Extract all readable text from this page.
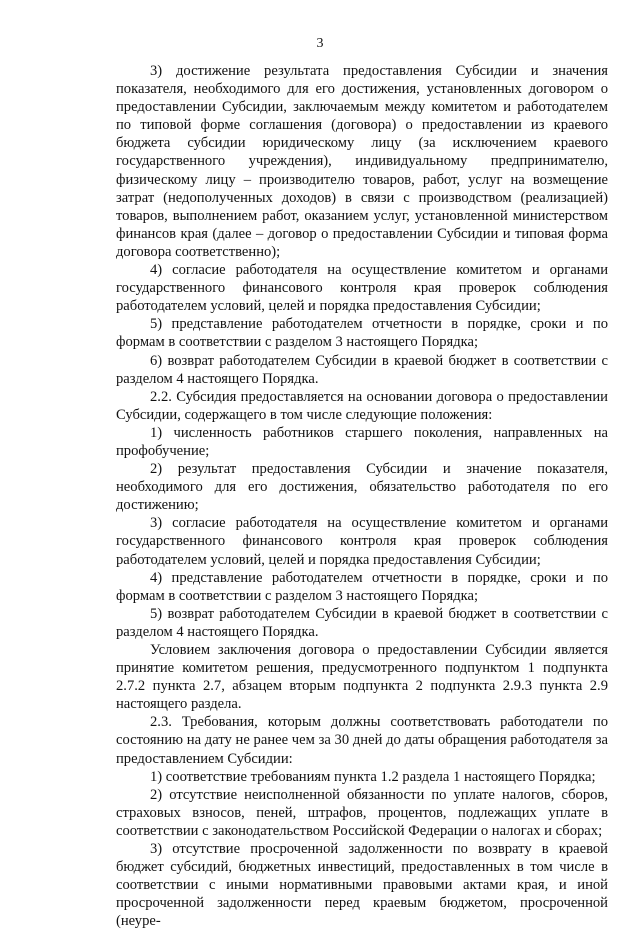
3

3) достижение результата предоставления Субсидии и значения показателя, необходимого для его достижения, установленных договором о предоставлении Субсидии, заключаемым между комитетом и работодателем по типовой форме соглашения (договора) о предоставлении из краевого бюджета субсидии юридическому лицу (за исключением краевого государственного учреждения), индивидуальному предпринимателю, физическому лицу – производителю товаров, работ, услуг на возмещение затрат (недополученных доходов) в связи с производством (реализацией) товаров, выполнением работ, оказанием услуг, установленной министерством финансов края (далее – договор о предоставлении Субсидии и типовая форма договора соответственно);

4) согласие работодателя на осуществление комитетом и органами государственного финансового контроля края проверок соблюдения работодателем условий, целей и порядка предоставления Субсидии;

5) представление работодателем отчетности в порядке, сроки и по формам в соответствии с разделом 3 настоящего Порядка;

6) возврат работодателем Субсидии в краевой бюджет в соответствии с разделом 4 настоящего Порядка.

2.2. Субсидия предоставляется на основании договора о предоставлении Субсидии, содержащего в том числе следующие положения:

1) численность работников старшего поколения, направленных на профобучение;

2) результат предоставления Субсидии и значение показателя, необходимого для его достижения, обязательство работодателя по его достижению;

3) согласие работодателя на осуществление комитетом и органами государственного финансового контроля края проверок соблюдения работодателем условий, целей и порядка предоставления Субсидии;

4) представление работодателем отчетности в порядке, сроки и по формам в соответствии с разделом 3 настоящего Порядка;

5) возврат работодателем Субсидии в краевой бюджет в соответствии с разделом 4 настоящего Порядка.

Условием заключения договора о предоставлении Субсидии является принятие комитетом решения, предусмотренного подпунктом 1 подпункта 2.7.2 пункта 2.7, абзацем вторым подпункта 2 подпункта 2.9.3 пункта 2.9 настоящего раздела.

2.3. Требования, которым должны соответствовать работодатели по состоянию на дату не ранее чем за 30 дней до даты обращения работодателя за предоставлением Субсидии:

1) соответствие требованиям пункта 1.2 раздела 1 настоящего Порядка;

2) отсутствие неисполненной обязанности по уплате налогов, сборов, страховых взносов, пеней, штрафов, процентов, подлежащих уплате в соответствии с законодательством Российской Федерации о налогах и сборах;

3) отсутствие просроченной задолженности по возврату в краевой бюджет субсидий, бюджетных инвестиций, предоставленных в том числе в соответствии с иными нормативными правовыми актами края, и иной просроченной задолженности перед краевым бюджетом, просроченной (неуре-
